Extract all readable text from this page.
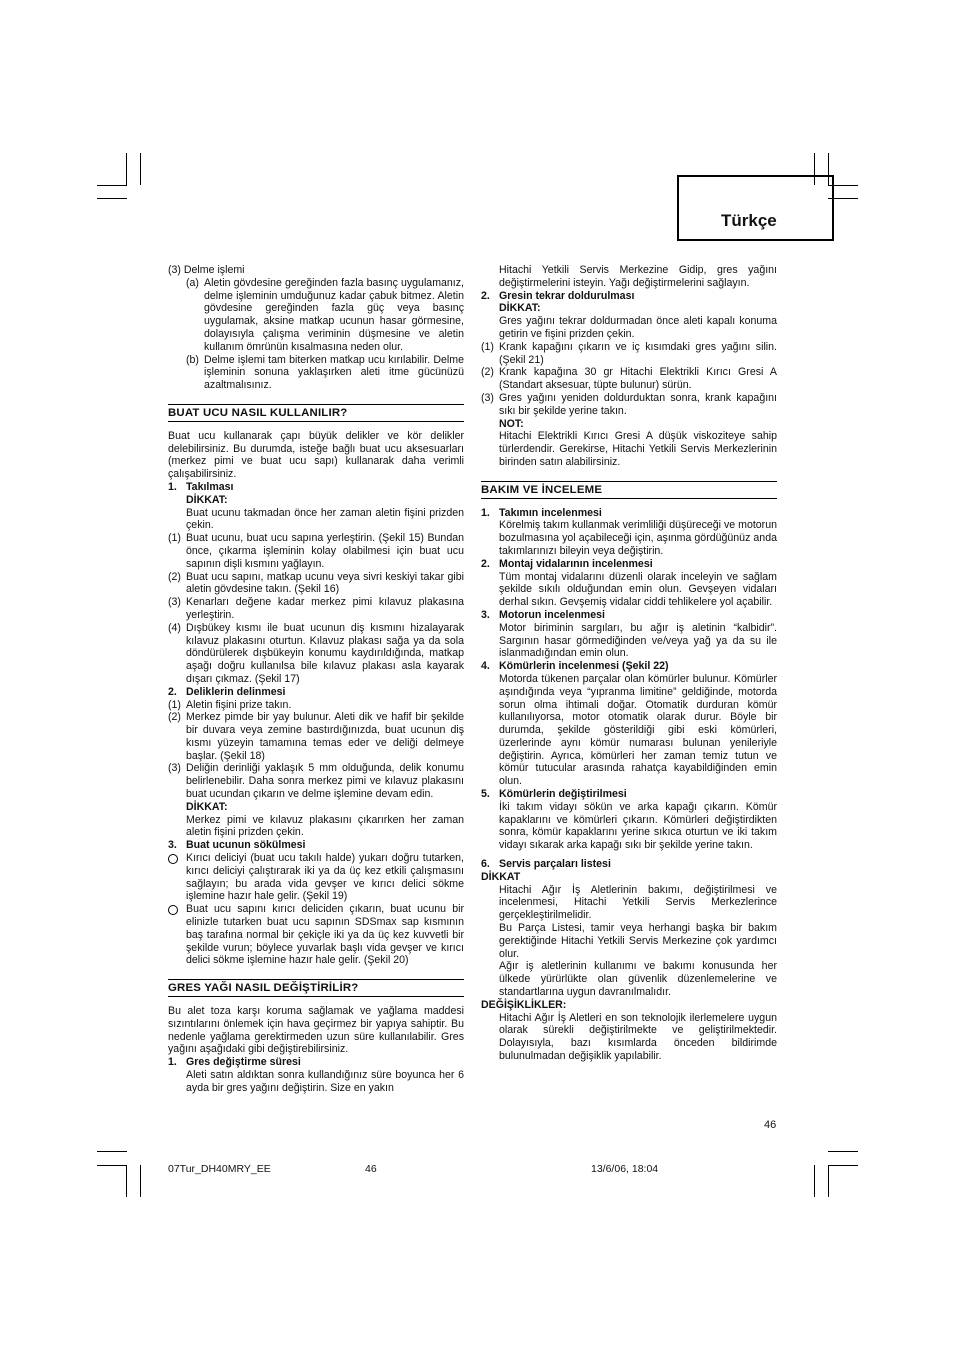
Türkçe
(3) Delme işlemi
(a) Aletin gövdesine gereğinden fazla basınç uygulamanız, delme işleminin umduğunuz kadar çabuk bitmez. Aletin gövdesine gereğinden fazla güç veya basınç uygulamak, aksine matkap ucunun hasar görmesine, dolayısıyla çalışma veriminin düşmesine ve aletin kullanım ömrünün kısalmasına neden olur.
(b) Delme işlemi tam biterken matkap ucu kırılabilir. Delme işleminin sonuna yaklaşırken aleti itme gücünüzü azaltmalısınız.
BUAT UCU NASIL KULLANILIR?
Buat ucu kullanarak çapı büyük delikler ve kör delikler delebilirsiniz. Bu durumda, isteğe bağlı buat ucu aksesuarları (merkez pimi ve buat ucu sapı) kullanarak daha verimli çalışabilirsiniz.
1. Takılması
DİKKAT:
Buat ucunu takmadan önce her zaman aletin fişini prizden çekin.
(1) Buat ucunu, buat ucu sapına yerleştirin. (Şekil 15) Bundan önce, çıkarma işleminin kolay olabilmesi için buat ucu sapının dişli kısmını yağlayın.
(2) Buat ucu sapını, matkap ucunu veya sivri keskiyi takar gibi aletin gövdesine takın. (Şekil 16)
(3) Kenarları değene kadar merkez pimi kılavuz plakasına yerleştirin.
(4) Dışbükey kısmı ile buat ucunun diş kısmını hizalayarak kılavuz plakasını oturtun. Kılavuz plakası sağa ya da sola döndürülerek dışbükeyin konumu kaydırıldığında, matkap aşağı doğru kullanılsa bile kılavuz plakası asla kayarak dışarı çıkmaz. (Şekil 17)
2. Deliklerin delinmesi
(1) Aletin fişini prize takın.
(2) Merkez pimde bir yay bulunur. Aleti dik ve hafif bir şekilde bir duvara veya zemine bastırdığınızda, buat ucunun diş kısmı yüzeyin tamamına temas eder ve deliği delmeye başlar. (Şekil 18)
(3) Deliğin derinliği yaklaşık 5 mm olduğunda, delik konumu belirlenebilir. Daha sonra merkez pimi ve kılavuz plakasını buat ucundan çıkarın ve delme işlemine devam edin.
DİKKAT:
Merkez pimi ve kılavuz plakasını çıkarırken her zaman aletin fişini prizden çekin.
3. Buat ucunun sökülmesi
Kırıcı deliciyi (buat ucu takılı halde) yukarı doğru tutarken, kırıcı deliciyi çalıştırarak iki ya da üç kez etkili çalışmasını sağlayın; bu arada vida gevşer ve kırıcı delici sökme işlemine hazır hale gelir. (Şekil 19)
Buat ucu sapını kırıcı deliciden çıkarın, buat ucunu bir elinizle tutarken buat ucu sapının SDSmax sap kısmının baş tarafına normal bir çekiçle iki ya da üç kez kuvvetli bir şekilde vurun; böylece yuvarlak başlı vida gevşer ve kırıcı delici sökme işlemine hazır hale gelir. (Şekil 20)
GRES YAĞI NASIL DEĞİŞTİRİLİR?
Bu alet toza karşı koruma sağlamak ve yağlama maddesi sızıntılarını önlemek için hava geçirmez bir yapıya sahiptir. Bu nedenle yağlama gerektirmeden uzun süre kullanılabilir. Gres yağını aşağıdaki gibi değiştirebilirsiniz.
1. Gres değiştirme süresi
Aleti satın aldıktan sonra kullandığınız süre boyunca her 6 ayda bir gres yağını değiştirin. Size en yakın
Hitachi Yetkili Servis Merkezine Gidip, gres yağını değiştirmelerini isteyin. Yağı değiştirmelerini sağlayın.
2. Gresin tekrar doldurulması
DİKKAT:
Gres yağını tekrar doldurmadan önce aleti kapalı konuma getirin ve fişini prizden çekin.
(1) Krank kapağını çıkarın ve iç kısımdaki gres yağını silin. (Şekil 21)
(2) Krank kapağına 30 gr Hitachi Elektrikli Kırıcı Gresi A (Standart aksesuar, tüpte bulunur) sürün.
(3) Gres yağını yeniden doldurduktan sonra, krank kapağını sıkı bir şekilde yerine takın.
NOT:
Hitachi Elektrikli Kırıcı Gresi A düşük viskoziteye sahip türlerdendir. Gerekirse, Hitachi Yetkili Servis Merkezlerinin birinden satın alabilirsiniz.
BAKIM VE İNCELEME
1. Takımın incelenmesi
Körelmiş takım kullanmak verimliliği düşüreceği ve motorun bozulmasına yol açabileceği için, aşınma gördüğünüz anda takımlarınızı bileyin veya değiştirin.
2. Montaj vidalarının incelenmesi
Tüm montaj vidalarını düzenli olarak inceleyin ve sağlam şekilde sıkılı olduğundan emin olun. Gevşeyen vidaları derhal sıkın. Gevşemiş vidalar ciddi tehlikelere yol açabilir.
3. Motorun incelenmesi
Motor biriminin sargıları, bu ağır iş aletinin “kalbidir”. Sargının hasar görmediğinden ve/veya yağ ya da su ile islanmadığından emin olun.
4. Kömürlerin incelenmesi (Şekil 22)
Motorda tükenen parçalar olan kömürler bulunur. Kömürler aşındığında veya “yıpranma limitine” geldiğinde, motorda sorun olma ihtimali doğar. Otomatik durduran kömür kullanılıyorsa, motor otomatik olarak durur. Böyle bir durumda, şekilde gösterildiği gibi eski kömürleri, üzerlerinde aynı kömür numarası bulunan yenileriyle değiştirin. Ayrıca, kömürleri her zaman temiz tutun ve kömür tutucular arasında rahatça kayabildiğinden emin olun.
5. Kömürlerin değiştirilmesi
İki takım vidayı sökün ve arka kapağı çıkarın. Kömür kapaklarını ve kömürleri çıkarın. Kömürleri değiştirdikten sonra, kömür kapaklarını yerine sıkıca oturtun ve iki takım vidayı sıkarak arka kapağı sıkı bir şekilde yerine takın.
6. Servis parçaları listesi
DİKKAT
Hitachi Ağır İş Aletlerinin bakımı, değiştirilmesi ve incelenmesi, Hitachi Yetkili Servis Merkezlerince gerçekleştirilmelidir.
Bu Parça Listesi, tamir veya herhangi başka bir bakım gerektiğinde Hitachi Yetkili Servis Merkezine çok yardımcı olur.
Ağır iş aletlerinin kullanımı ve bakımı konusunda her ülkede yürürlükte olan güvenlik düzenlemelerine ve standartlarına uygun davranılmalıdır.
DEĞİŞİKLİKLER:
Hitachi Ağır İş Aletleri en son teknolojik ilerlemelere uygun olarak sürekli değiştirilmekte ve geliştirilmektedir. Dolayısıyla, bazı kısımlarda önceden bildirimde bulunulmadan değişiklik yapılabilir.
46
07Tur_DH40MRY_EE	46	13/6/06, 18:04
